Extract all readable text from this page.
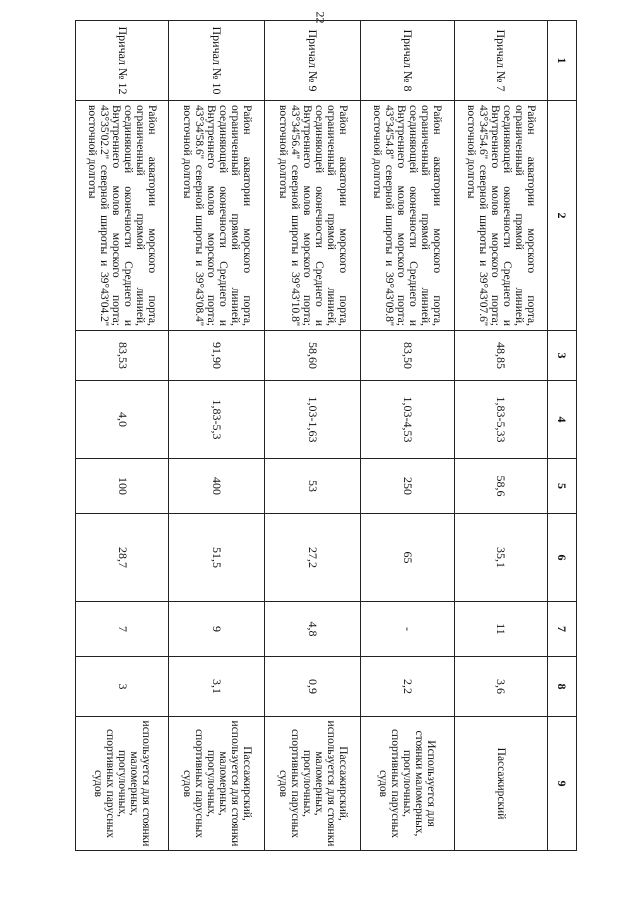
22
1	2	3	4	5	6	7	8	9
Причал № 7	Район акватории морского порта, ограниченный прямой линией, соединяющей оконечности Среднего и Внутреннего молов морского порта; 43°34'54.6'' северной широты и 39°43'07.6'' восточной долготы	48,85	1,83-5,33	58,6	35,1	11	3,6	Пассажирский
Причал № 8	Район акватории морского порта, ограниченный прямой линией, соединяющей оконечности Среднего и Внутреннего молов морского порта; 43°34'54.8'' северной широты и 39°43'09.8'' восточной долготы	83,50	1,03-4,53	250	65	-	2,2	Используется для стоянки маломерных, прогулочных, спортивных парусных судов
Причал № 9	Район акватории морского порта, ограниченный прямой линией, соединяющей оконечности Среднего и Внутреннего молов морского порта; 43°34'56.4'' северной широты и 39°43'10.8'' восточной долготы	58,60	1,03-1,63	53	27,2	4,8	0,9	Пассажирский, используется для стоянки маломерных, прогулочных, спортивных парусных судов
Причал № 10	Район акватории морского порта, ограниченный прямой линией, соединяющей оконечности Среднего и Внутреннего молов морского порта; 43°34'58.6'' северной широты и 39°43'08.4'' восточной долготы	91,90	1,83-5,3	400	51,5	9	3,1	Пассажирский, используется для стоянки маломерных, прогулочных, спортивных парусных судов
Причал № 12	Район акватории морского порта, ограниченный прямой линией, соединяющей оконечности Среднего и Внутреннего молов морского порта; 43°35'02.2'' северной широты и 39°43'04.2'' восточной долготы	83,53	4,0	100	28,7	7	3	используется для стоянки маломерных, прогулочных, спортивных парусных судов
